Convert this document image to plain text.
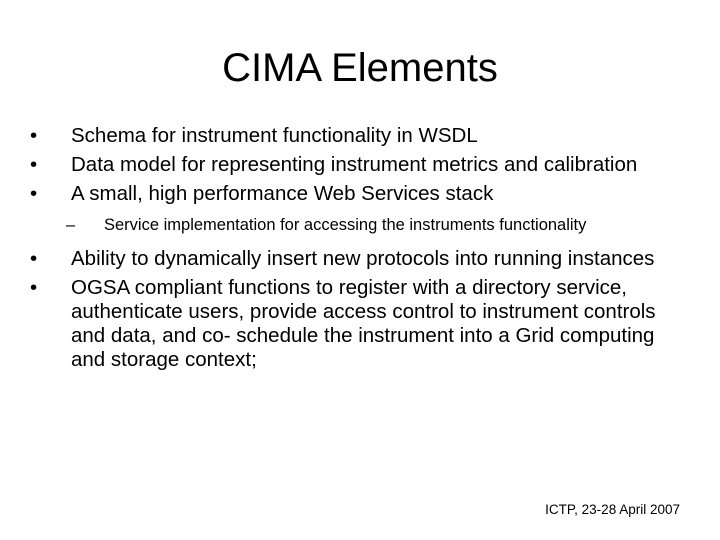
CIMA Elements
•	Schema for instrument functionality in WSDL
•	Data model for representing instrument metrics and calibration
•	A small, high performance Web Services stack
–	Service implementation for accessing the instruments functionality
•	Ability to dynamically insert new protocols into running instances
•	OGSA compliant functions to register with a directory service, authenticate users, provide access control to instrument controls and data, and co- schedule the instrument into a Grid computing and storage context;
ICTP, 23-28 April 2007
